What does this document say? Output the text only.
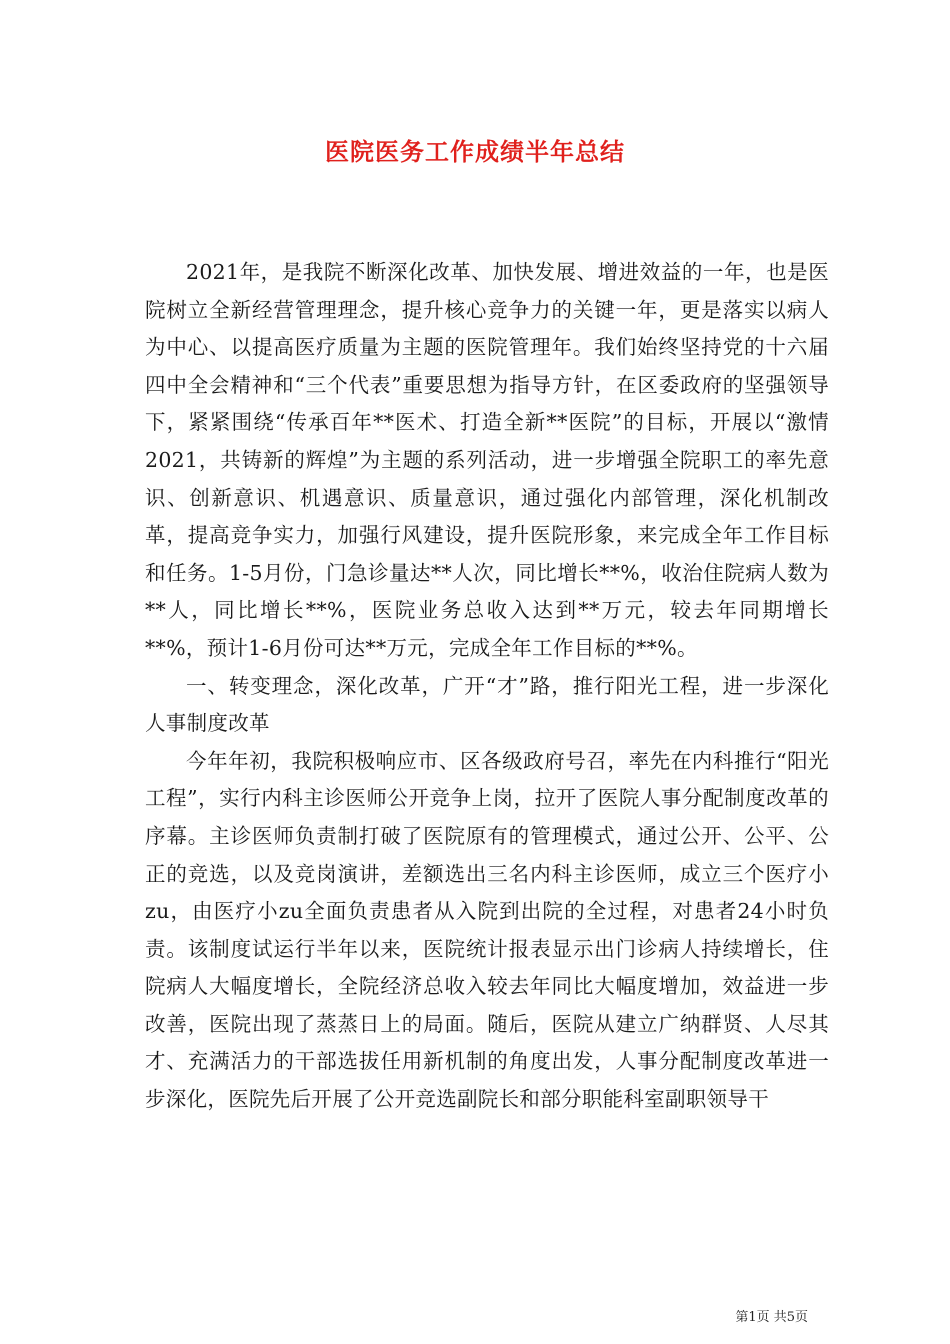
医院医务工作成绩半年总结

2021年，是我院不断深化改革、加快发展、增进效益的一年，也是医院树立全新经营管理理念，提升核心竞争力的关键一年，更是落实以病人为中心、以提高医疗质量为主题的医院管理年。我们始终坚持党的十六届四中全会精神和“三个代表”重要思想为指导方针，在区委政府的坚强领导下，紧紧围绕“传承百年**医术、打造全新**医院”的目标，开展以“激情2021，共铸新的辉煌”为主题的系列活动，进一步增强全院职工的率先意识、创新意识、机遇意识、质量意识，通过强化内部管理，深化机制改革，提高竞争实力，加强行风建设，提升医院形象，来完成全年工作目标和任务。1-5月份，门急诊量达**人次，同比增长**%，收治住院病人数为**人，同比增长**%，医院业务总收入达到**万元，较去年同期增长**%，预计1-6月份可达**万元，完成全年工作目标的**%。

一、转变理念，深化改革，广开“才”路，推行阳光工程，进一步深化人事制度改革

今年年初，我院积极响应市、区各级政府号召，率先在内科推行“阳光工程”，实行内科主诊医师公开竞争上岗，拉开了医院人事分配制度改革的序幕。主诊医师负责制打破了医院原有的管理模式，通过公开、公平、公正的竞选，以及竞岗演讲，差额选出三名内科主诊医师，成立三个医疗小zu，由医疗小zu全面负责患者从入院到出院的全过程，对患者24小时负责。该制度试运行半年以来，医院统计报表显示出门诊病人持续增长，住院病人大幅度增长，全院经济总收入较去年同比大幅度增加，效益进一步改善，医院出现了蒸蒸日上的局面。随后，医院从建立广纳群贤、人尽其才、充满活力的干部选拔任用新机制的角度出发，人事分配制度改革进一步深化，医院先后开展了公开竞选副院长和部分职能科室副职领导干

第1页 共5页
